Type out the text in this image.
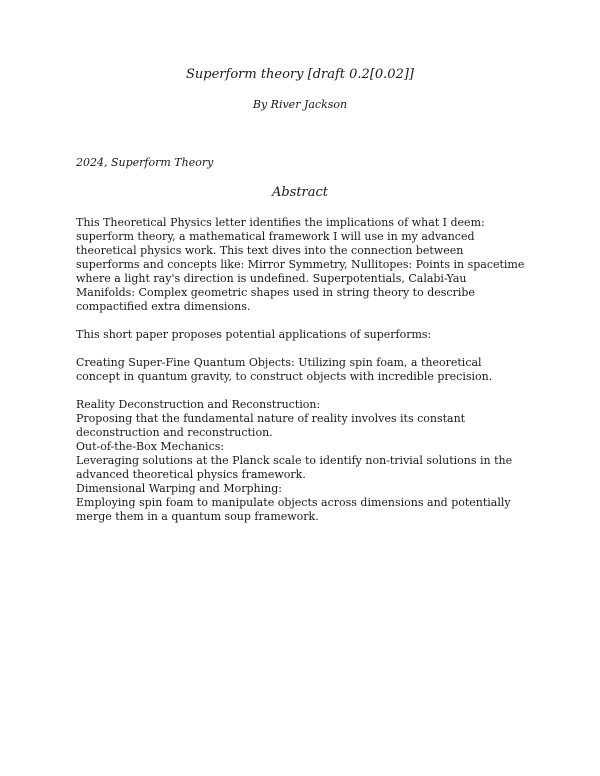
Superform theory [draft 0.2[0.02]]
By River Jackson
2024, Superform Theory
Abstract

This Theoretical Physics letter identifies the implications of what I deem: superform theory, a mathematical framework I will use in my advanced theoretical physics work. This text dives into the connection between superforms and concepts like: Mirror Symmetry, Nullitopes: Points in spacetime where a light ray's direction is undefined. Superpotentials, Calabi-Yau Manifolds: Complex geometric shapes used in string theory to describe compactified extra dimensions.

This short paper proposes potential applications of superforms:

Creating Super-Fine Quantum Objects: Utilizing spin foam, a theoretical concept in quantum gravity, to construct objects with incredible precision.

Reality Deconstruction and Reconstruction:

Proposing that the fundamental nature of reality involves its constant deconstruction and reconstruction.

Out-of-the-Box Mechanics:

Leveraging solutions at the Planck scale to identify non-trivial solutions in the advanced theoretical physics framework.

Dimensional Warping and Morphing:

Employing spin foam to manipulate objects across dimensions and potentially merge them in a quantum soup framework.
